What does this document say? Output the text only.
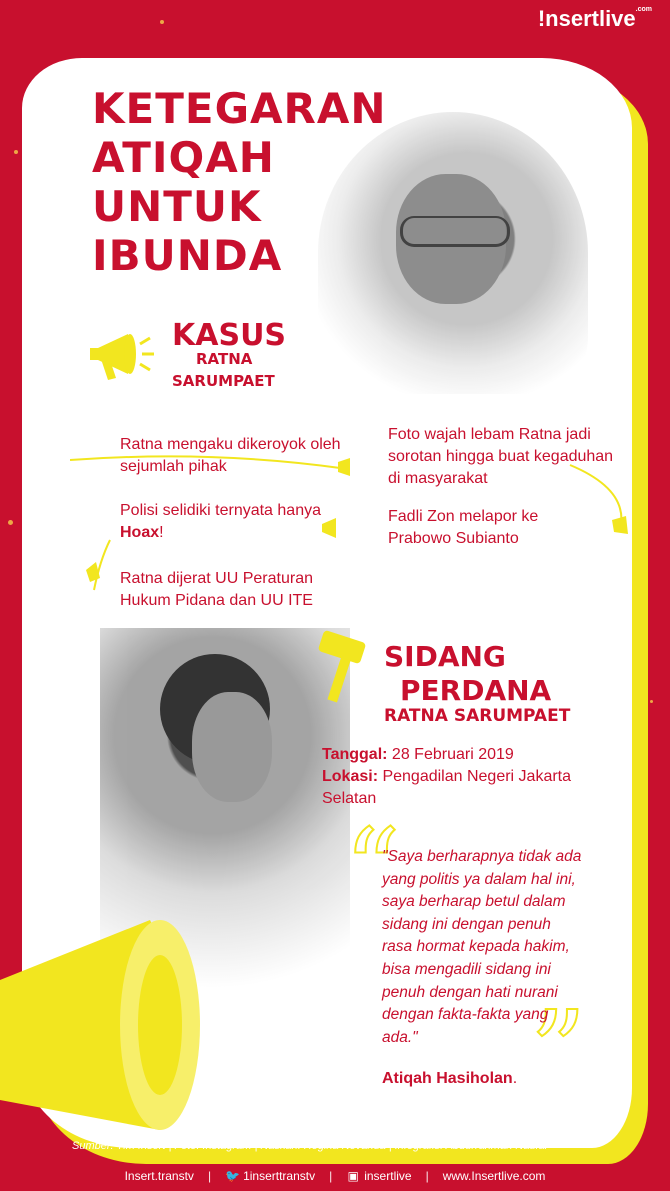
!nsertlive$^{.com}$
KETEGARAN
ATIQAH
UNTUK
IBUNDA
KASUS
RATNA
SARUMPAET
Ratna mengaku dikeroyok oleh sejumlah pihak
Polisi selidiki ternyata hanya Hoax!
Ratna dijerat UU Peraturan Hukum Pidana dan UU ITE
Foto wajah lebam Ratna jadi sorotan hingga buat kegaduhan di masyarakat
Fadli Zon melapor ke Prabowo Subianto
SIDANG
PERDANA
RATNA SARUMPAET
Tanggal: 28 Februari 2019
Lokasi: Pengadilan Negeri Jakarta Selatan
“
”
"Saya berharapnya tidak ada yang politis ya dalam hal ini, saya berharap betul dalam sidang ini dengan penuh rasa hormat kepada hakim, bisa mengadili sidang ini penuh dengan hati nurani dengan fakta-fakta yang ada."
Atiqah Hasiholan.
Sumber: Tim Insert | Foto: Instagram | Naskah: Regina Novanda | Infografis: Abdurrahman Naufal
Insert.transtv | 🐦 1inserttranstv | ▣ insertlive | www.Insertlive.com
